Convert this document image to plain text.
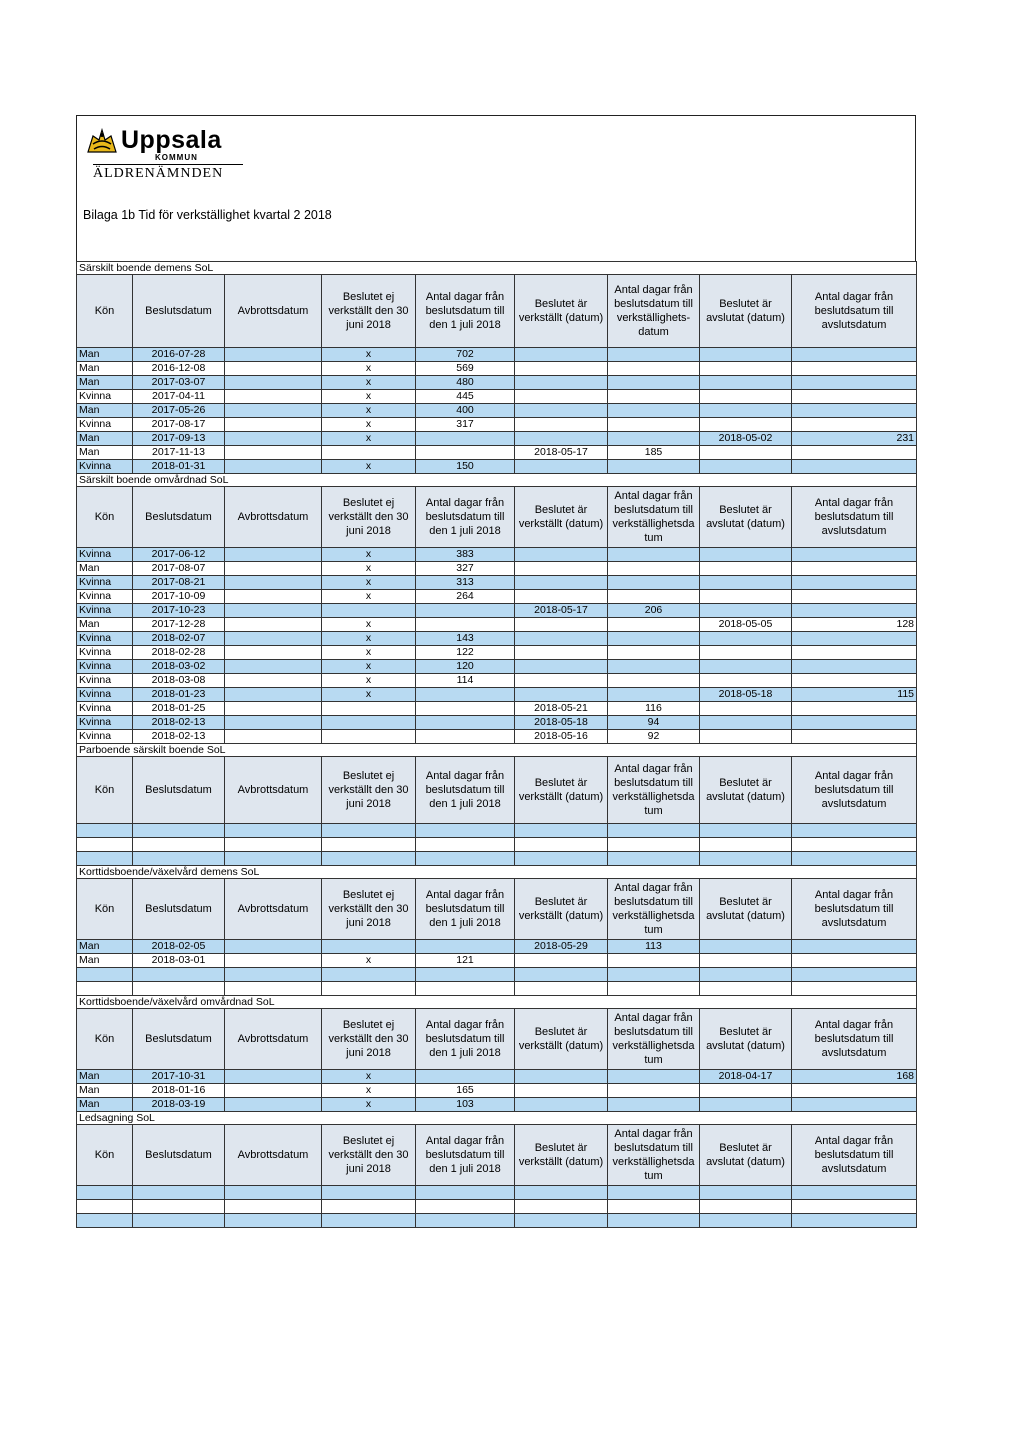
Uppsala
KOMMUN
ÄLDRENÄMNDEN
Bilaga 1b Tid för verkställighet kvartal 2 2018
Särskilt boende demens SoL								
Kön	Beslutsdatum	Avbrottsdatum	Beslutet ej verkställt den 30 juni 2018	Antal dagar från beslutsdatum till den 1 juli 2018	Beslutet är verkställt (datum)	Antal dagar från beslutsdatum till verkställighets-datum	Beslutet är avslutat (datum)	Antal dagar från beslutdsatum till avslutsdatum
Man	2016-07-28		x	702				
Man	2016-12-08		x	569				
Man	2017-03-07		x	480				
Kvinna	2017-04-11		x	445				
Man	2017-05-26		x	400				
Kvinna	2017-08-17		x	317				
Man	2017-09-13		x				2018-05-02	231
Man	2017-11-13				2018-05-17	185		
Kvinna	2018-01-31		x	150				
Särskilt boende omvårdnad SoL								
Kön	Beslutsdatum	Avbrottsdatum	Beslutet ej verkställt den 30 juni 2018	Antal dagar från beslutsdatum till den 1 juli 2018	Beslutet är verkställt (datum)	Antal dagar från beslutsdatum till verkställighetsda tum	Beslutet är avslutat (datum)	Antal dagar från beslutsdatum till avslutsdatum
Kvinna	2017-06-12		x	383				
Man	2017-08-07		x	327				
Kvinna	2017-08-21		x	313				
Kvinna	2017-10-09		x	264				
Kvinna	2017-10-23				2018-05-17	206		
Man	2017-12-28		x				2018-05-05	128
Kvinna	2018-02-07		x	143				
Kvinna	2018-02-28		x	122				
Kvinna	2018-03-02		x	120				
Kvinna	2018-03-08		x	114				
Kvinna	2018-01-23		x				2018-05-18	115
Kvinna	2018-01-25				2018-05-21	116		
Kvinna	2018-02-13				2018-05-18	94		
Kvinna	2018-02-13				2018-05-16	92		
Parboende särskilt boende SoL								
Kön	Beslutsdatum	Avbrottsdatum	Beslutet ej verkställt den 30 juni 2018	Antal dagar från beslutsdatum till den 1 juli 2018	Beslutet är verkställt (datum)	Antal dagar från beslutsdatum till verkställighetsda tum	Beslutet är avslutat (datum)	Antal dagar från beslutsdatum till avslutsdatum

Korttidsboende/växelvård demens SoL								
Kön	Beslutsdatum	Avbrottsdatum	Beslutet ej verkställt den 30 juni 2018	Antal dagar från beslutsdatum till den 1 juli 2018	Beslutet är verkställt (datum)	Antal dagar från beslutsdatum till verkställighetsda tum	Beslutet är avslutat (datum)	Antal dagar från beslutsdatum till avslutsdatum
Man	2018-02-05				2018-05-29	113		
Man	2018-03-01		x	121				

Korttidsboende/växelvård omvårdnad SoL								
Kön	Beslutsdatum	Avbrottsdatum	Beslutet ej verkställt den 30 juni 2018	Antal dagar från beslutsdatum till den 1 juli 2018	Beslutet är verkställt (datum)	Antal dagar från beslutsdatum till verkställighetsda tum	Beslutet är avslutat (datum)	Antal dagar från beslutsdatum till avslutsdatum
Man	2017-10-31		x				2018-04-17	168
Man	2018-01-16		x	165				
Man	2018-03-19		x	103				
Ledsagning SoL								
Kön	Beslutsdatum	Avbrottsdatum	Beslutet ej verkställt den 30 juni 2018	Antal dagar från beslutsdatum till den 1 juli 2018	Beslutet är verkställt (datum)	Antal dagar från beslutsdatum till verkställighetsda tum	Beslutet är avslutat (datum)	Antal dagar från beslutsdatum till avslutsdatum
